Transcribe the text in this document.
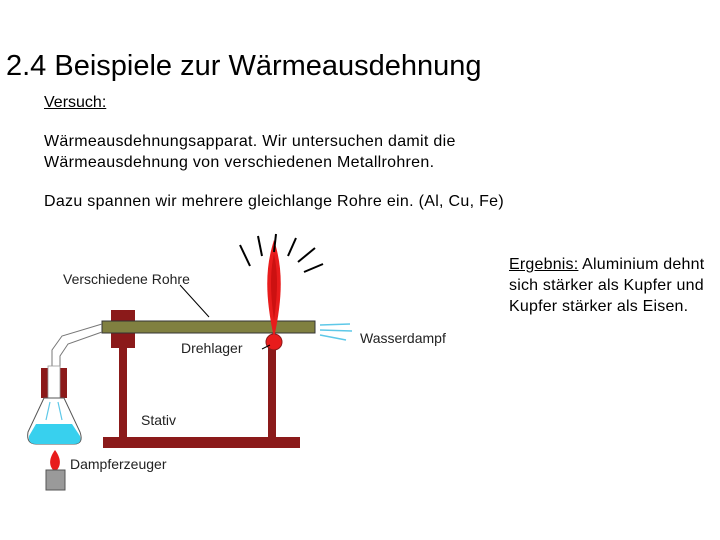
2.4 Beispiele zur Wärmeausdehnung
Versuch:
Wärmeausdehnungsapparat. Wir untersuchen damit die
Wärmeausdehnung von verschiedenen Metallrohren.
Dazu spannen wir mehrere gleichlange Rohre ein. (Al, Cu, Fe)
Ergebnis: Aluminium dehnt sich stärker als Kupfer und Kupfer stärker als Eisen.
Verschiedene Rohre
Drehlager
Wasserdampf
Stativ
Dampferzeuger
